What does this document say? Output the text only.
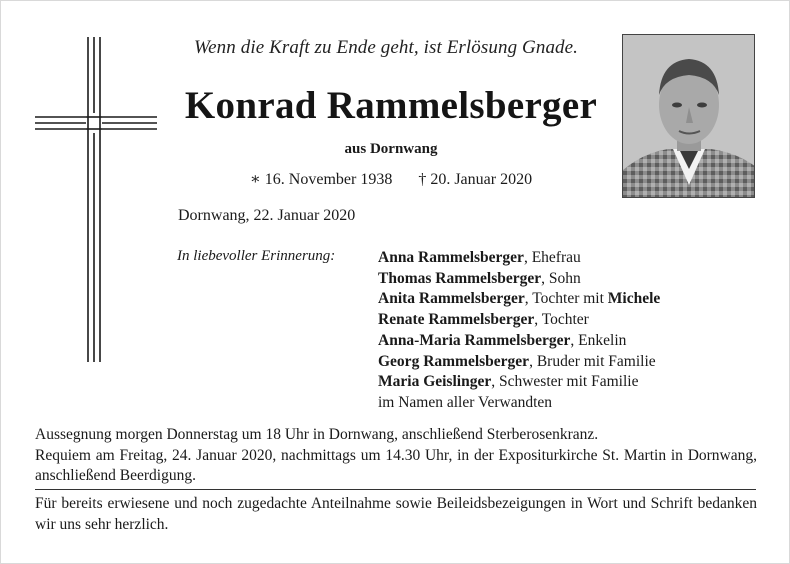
Wenn die Kraft zu Ende geht, ist Erlösung Gnade.
Konrad Rammelsberger
aus Dornwang
∗ 16. November 1938 † 20. Januar 2020
Dornwang, 22. Januar 2020
In liebevoller Erinnerung:	Anna Rammelsberger, Ehefrau
Thomas Rammelsberger, Sohn
Anita Rammelsberger, Tochter mit Michele
Renate Rammelsberger, Tochter
Anna-Maria Rammelsberger, Enkelin
Georg Rammelsberger, Bruder mit Familie
Maria Geislinger, Schwester mit Familie
im Namen aller Verwandten

Aussegnung morgen Donnerstag um 18 Uhr in Dornwang, anschließend Sterberosenkranz.

Requiem am Freitag, 24. Januar 2020, nachmittags um 14.30 Uhr, in der Expositurkirche St. Martin in Dornwang, anschließend Beerdigung.

Für bereits erwiesene und noch zugedachte Anteilnahme sowie Beileidsbezeigungen in Wort und Schrift bedanken wir uns sehr herzlich.
